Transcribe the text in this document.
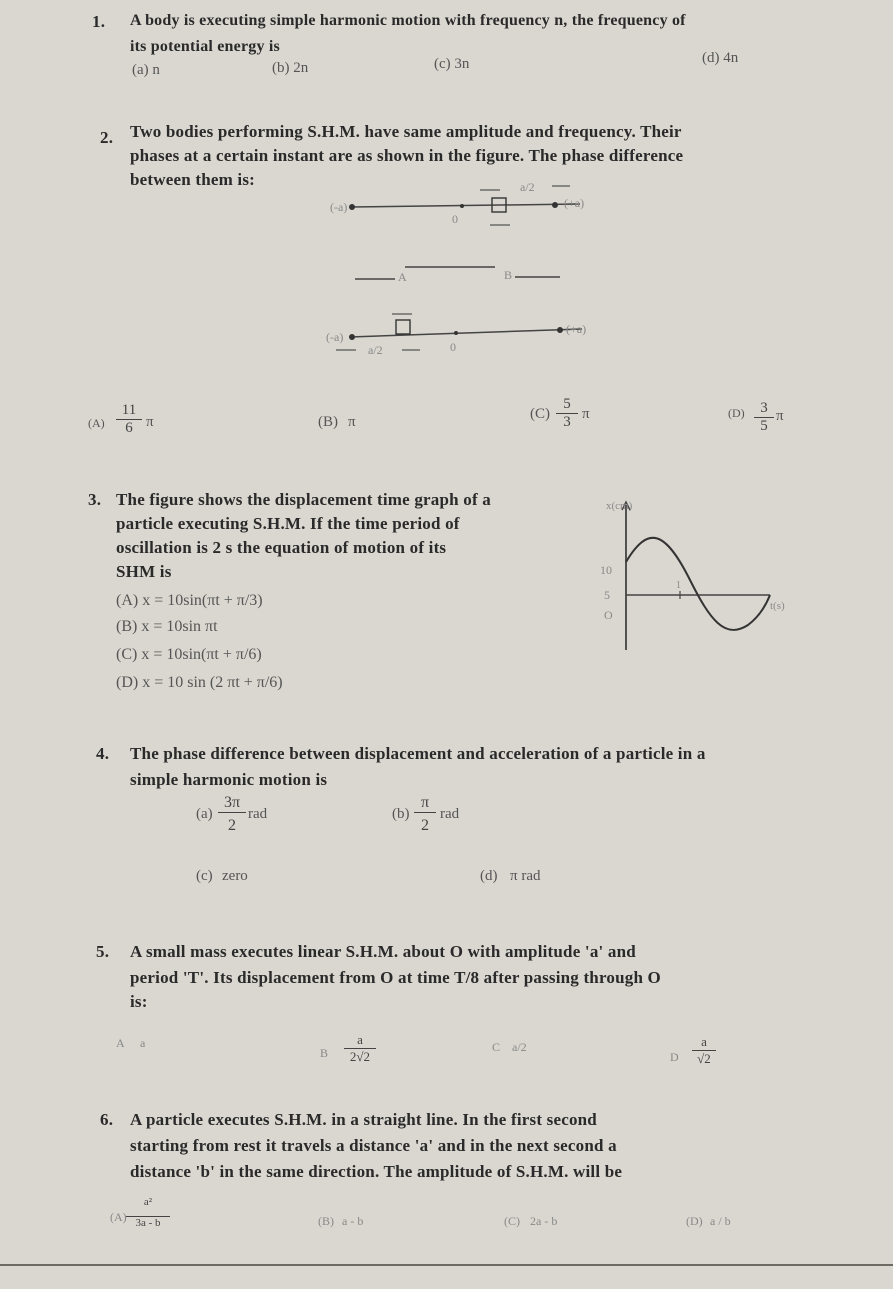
1. A body is executing simple harmonic motion with frequency n, the frequency of
its potential energy is
(a) n	(b) 2n	(c) 3n	(d) 4n
2. Two bodies performing S.H.M. have same amplitude and frequency. Their
phases at a certain instant are as shown in the figure. The phase difference
between them is:
(-a)	(+a)
0
a/2
A	B
(-a)
(+a)
0
a/2
$(A) \frac{11}{6}$ π	(B) π	$(C) \frac{5}{3}$ π	$(D) \frac{3}{5}$ π
3. The figure shows the displacement time graph of a
particle executing S.H.M. If the time period of
oscillation is 2 s the equation of motion of its
SHM is
x(cm)
10
5
O
1
t(s)
(A) x = 10sin(πt + π/3)
(B) x = 10sin πt
(C) x = 10sin(πt + π/6)
(D) x = 10 sin (2 πt + π/6)
4. The phase difference between displacement and acceleration of a particle in a
simple harmonic motion is
$(a) \frac{3\pi}{2}$ rad	$(b) \frac{\pi}{2}$ rad
(c) zero	(d) π rad
5. A small mass executes linear S.H.M. about O with amplitude 'a' and
period 'T'. Its displacement from O at time T/8 after passing through O
is:
A a
B $\frac{a}{2√2}$	C a/2
D $\frac{a}{√2}$
6. A particle executes S.H.M. in a straight line. In the first second
starting from rest it travels a distance 'a' and in the next second a
distance 'b' in the same direction. The amplitude of S.H.M. will be
$(A) \frac{\text{a²}}{3a - b}$	(B) a - b	(C) 2a - b	(D) a / b
